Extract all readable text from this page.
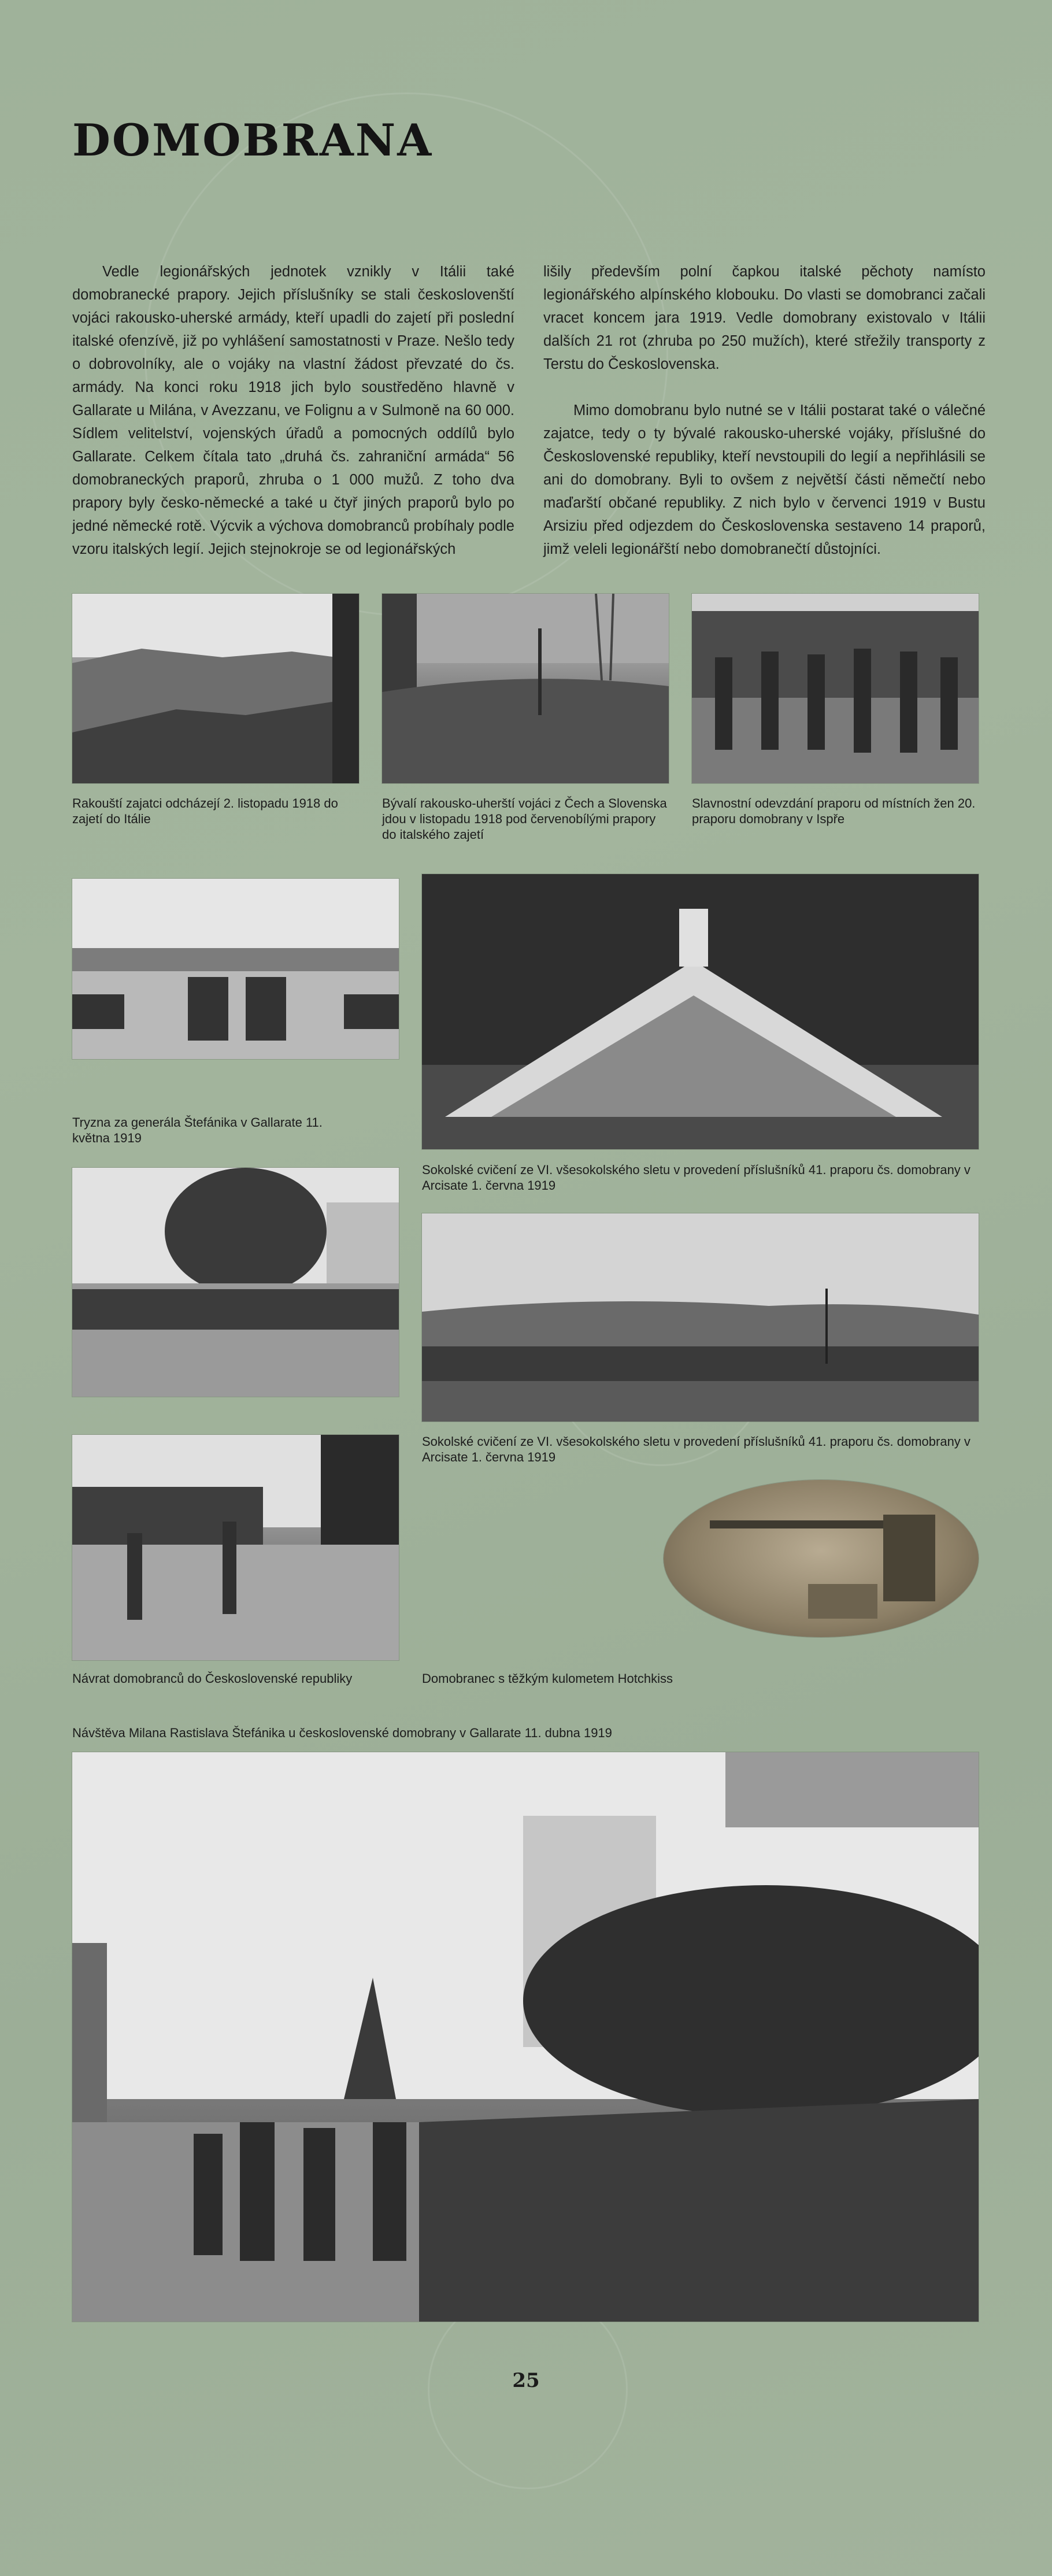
DOMOBRANA

Vedle legionářských jednotek vznikly v Itálii také domobranecké prapory. Jejich příslušníky se stali českoslovenští vojáci rakousko-uherské armády, kteří upadli do zajetí při poslední italské ofenzívě, již po vyhlášení samostatnosti v Praze. Nešlo tedy o dobrovolníky, ale o vojáky na vlastní žádost převzaté do čs. armády. Na konci roku 1918 jich bylo soustředěno hlavně v Gallarate u Milána, v Avezzanu, ve Folignu a v Sulmoně na 60 000. Sídlem velitelství, vojenských úřadů a pomocných oddílů bylo Gallarate. Celkem čítala tato „druhá čs. zahraniční armáda“ 56 domobraneckých praporů, zhruba o 1 000 mužů. Z toho dva prapory byly česko-německé a také u čtyř jiných praporů bylo po jedné německé rotě. Výcvik a výchova domobranců probíhaly podle vzoru italských legií. Jejich stejnokroje se od legionářských

lišily především polní čapkou italské pěchoty namísto legionářského alpínského klobouku. Do vlasti se domobranci začali vracet koncem jara 1919. Vedle domobrany existovalo v Itálii dalších 21 rot (zhruba po 250 mužích), které střežily transporty z Terstu do Československa.

Mimo domobranu bylo nutné se v Itálii postarat také o válečné zajatce, tedy o ty bývalé rakousko-uherské vojáky, příslušné do Československé republiky, kteří nevstoupili do legií a nepřihlásili se ani do domobrany. Byli to ovšem z největší části němečtí nebo maďarští občané republiky. Z nich bylo v červenci 1919 v Bustu Arsiziu před odjezdem do Československa sestaveno 14 praporů, jimž veleli legionářští nebo domobranečtí důstojníci.

Rakouští zajatci odcházejí 2. listopadu 1918 do zajetí do Itálie

Bývalí rakousko-uherští vojáci z Čech a Slovenska jdou v listopadu 1918 pod červenobílými prapory do italského zajetí

Slavnostní odevzdání praporu od místních žen 20. praporu domobrany v Ispře

Tryzna za generála Štefánika v Gallarate 11. května 1919

Sokolské cvičení ze VI. všesokolského sletu v provedení příslušníků 41. praporu čs. domobrany v Arcisate 1. června 1919

Sokolské cvičení ze VI. všesokolského sletu v provedení příslušníků 41. praporu čs. domobrany v Arcisate 1. června 1919

Návrat domobranců do Československé republiky	Domobranec s těžkým kulometem Hotchkiss

Návštěva Milana Rastislava Štefánika u československé domobrany v Gallarate 11. dubna 1919

25
